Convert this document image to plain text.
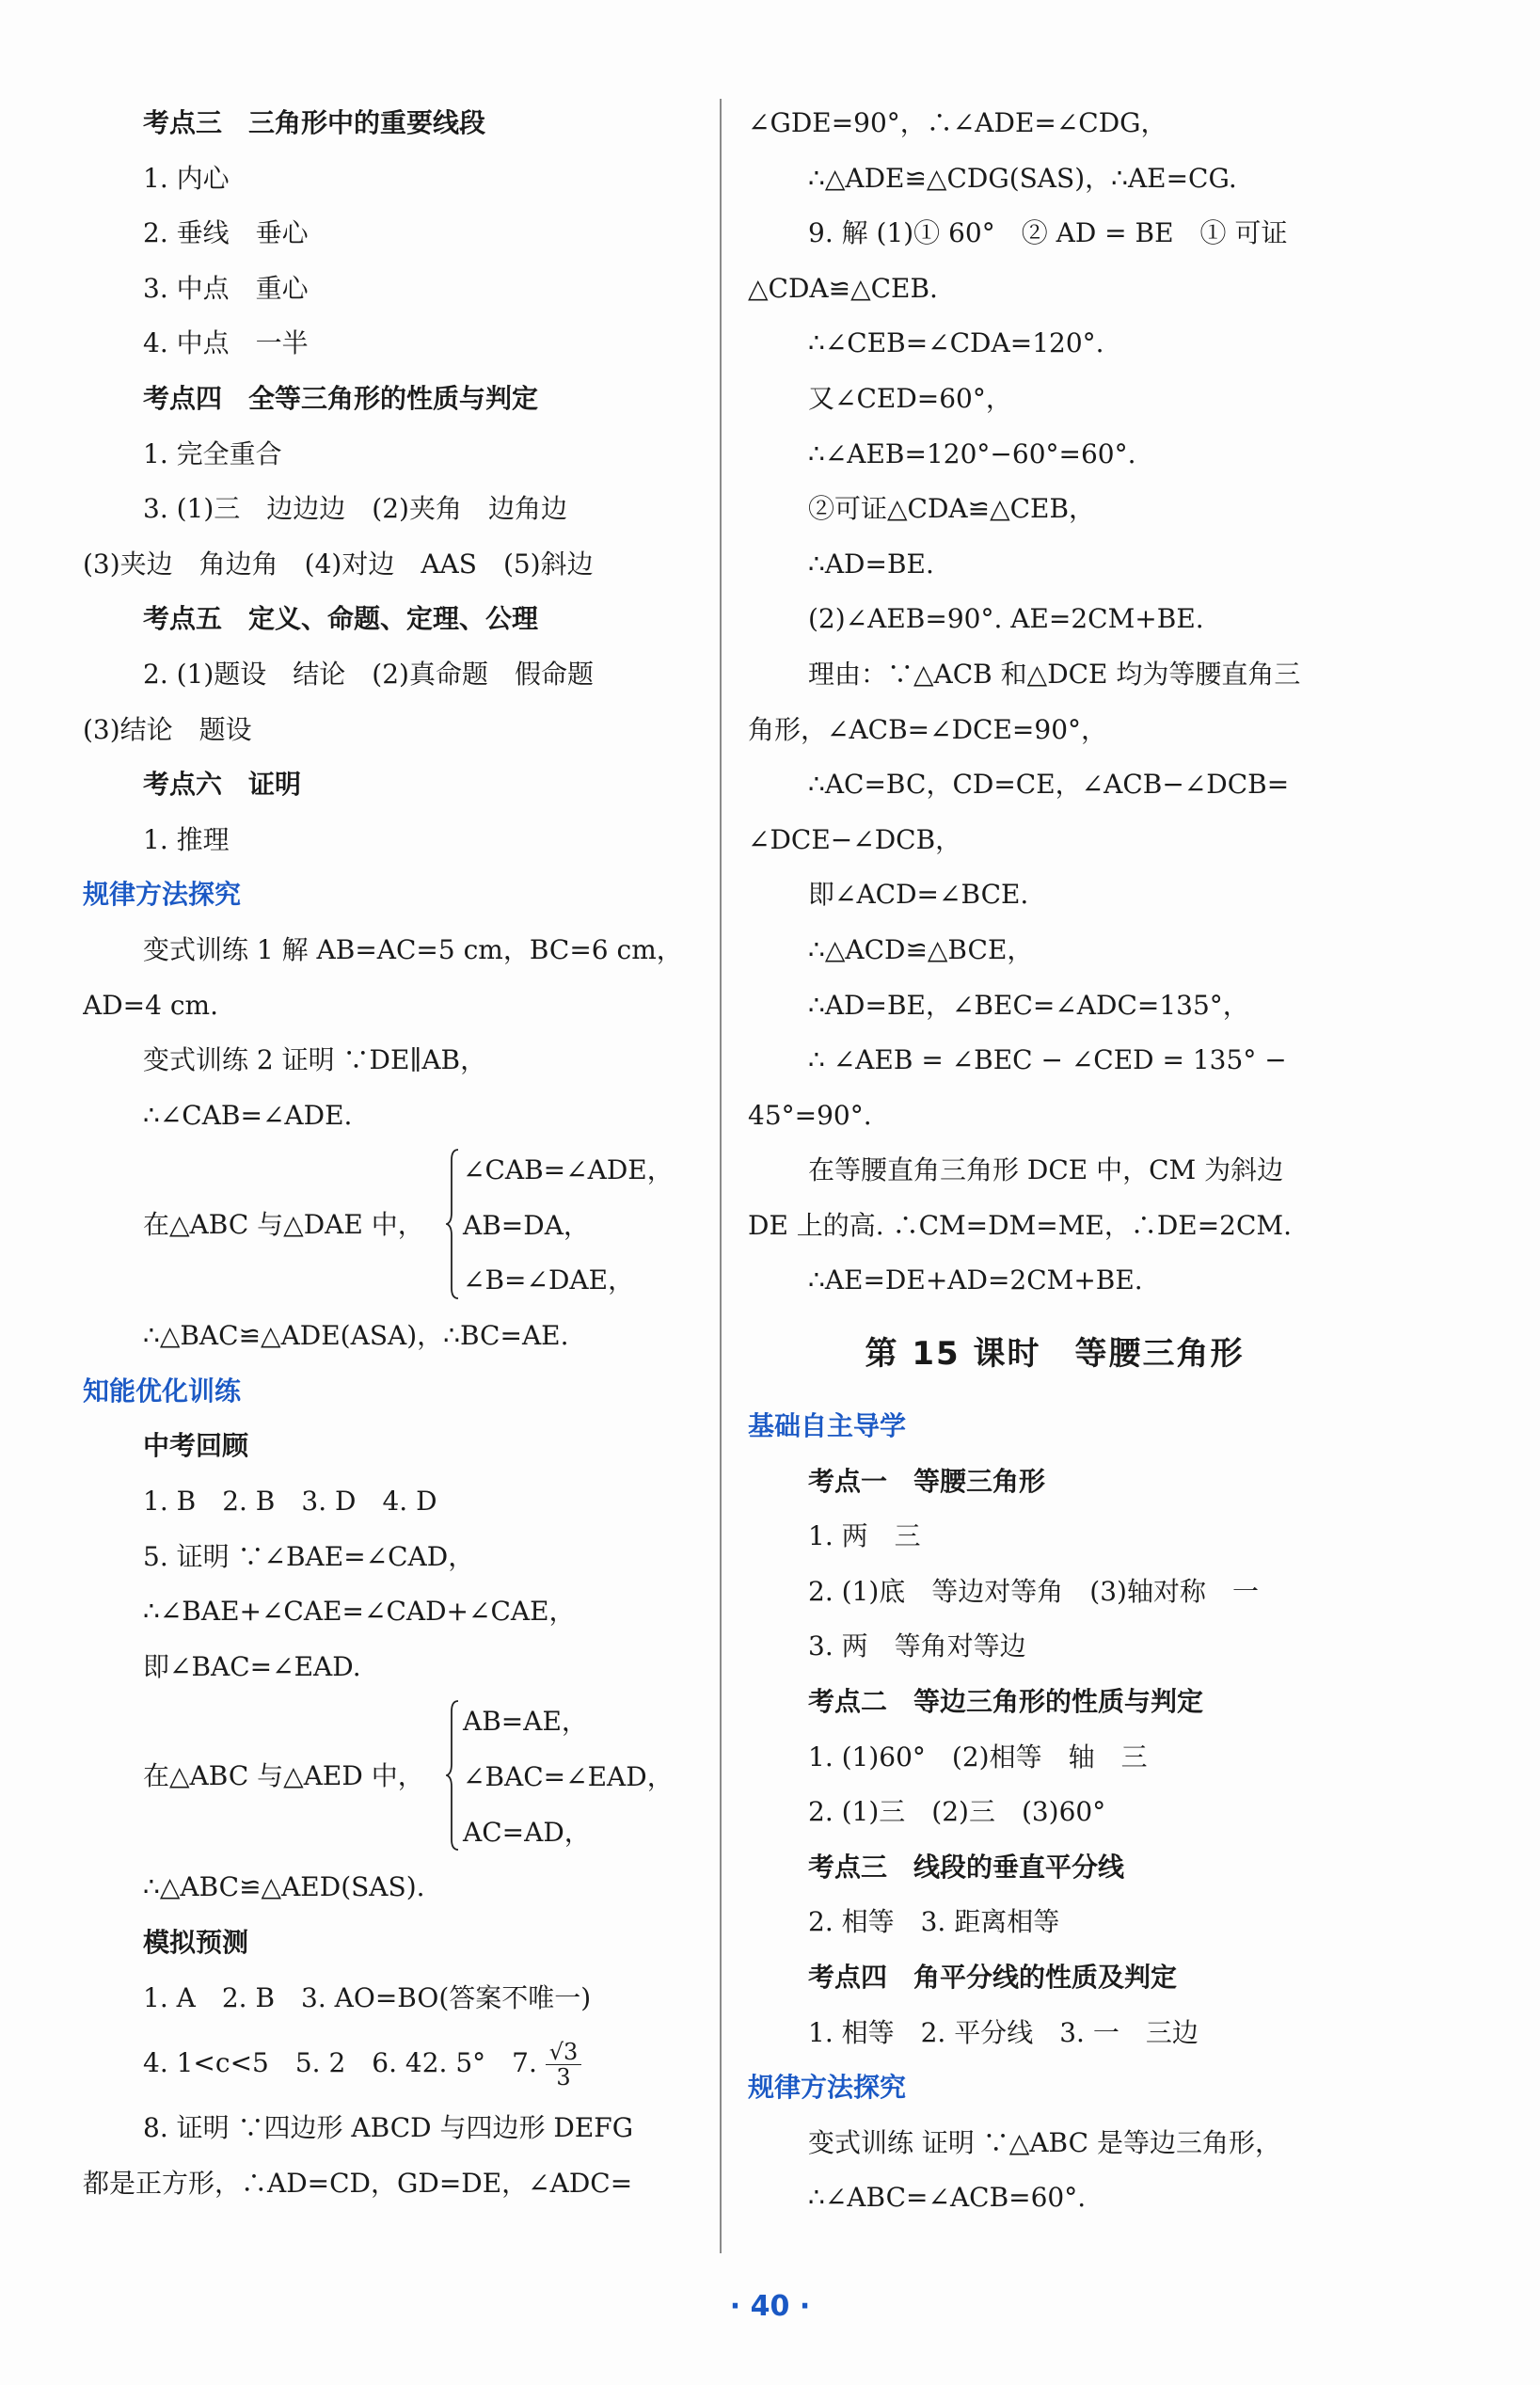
考点三　三角形中的重要线段
1. 内心
2. 垂线　垂心
3. 中点　重心
4. 中点　一半
考点四　全等三角形的性质与判定
1. 完全重合
3. (1)三　边边边　(2)夹角　边角边
(3)夹边　角边角　(4)对边　AAS　(5)斜边
考点五　定义、命题、定理、公理
2. (1)题设　结论　(2)真命题　假命题
(3)结论　题设
考点六　证明
1. 推理
规律方法探究
变式训练 1 解 AB=AC=5 cm，BC=6 cm，
AD=4 cm.
变式训练 2 证明 ∵DE∥AB，
∴∠CAB=∠ADE.
在△ABC 与△DAE 中，
∠CAB=∠ADE，
AB=DA，
∠B=∠DAE，
∴△BAC≌△ADE(ASA)，∴BC=AE.
知能优化训练
中考回顾
1. B　2. B　3. D　4. D
5. 证明 ∵∠BAE=∠CAD，
∴∠BAE+∠CAE=∠CAD+∠CAE，
即∠BAC=∠EAD.
在△ABC 与△AED 中，
AB=AE，
∠BAC=∠EAD，
AC=AD，
∴△ABC≌△AED(SAS).
模拟预测
1. A　2. B　3. AO=BO(答案不唯一)
4. 1<c<5　5. 2　6. 42. 5°　7. $\frac{√3}{3}$
8. 证明 ∵四边形 ABCD 与四边形 DEFG
都是正方形，∴AD=CD，GD=DE，∠ADC=
∠GDE=90°，∴∠ADE=∠CDG，
∴△ADE≌△CDG(SAS)，∴AE=CG.
9. 解 (1)① 60°　② AD = BE　① 可证
△CDA≌△CEB.
∴∠CEB=∠CDA=120°.
又∠CED=60°，
∴∠AEB=120°−60°=60°.
②可证△CDA≌△CEB，
∴AD=BE.
(2)∠AEB=90°. AE=2CM+BE.
理由：∵△ACB 和△DCE 均为等腰直角三
角形，∠ACB=∠DCE=90°，
∴AC=BC，CD=CE，∠ACB−∠DCB=
∠DCE−∠DCB，
即∠ACD=∠BCE.
∴△ACD≌△BCE，
∴AD=BE，∠BEC=∠ADC=135°，
∴ ∠AEB = ∠BEC − ∠CED = 135° −
45°=90°.
在等腰直角三角形 DCE 中，CM 为斜边
DE 上的高. ∴CM=DM=ME，∴DE=2CM.
∴AE=DE+AD=2CM+BE.
第 15 课时　等腰三角形
基础自主导学
考点一　等腰三角形
1. 两　三
2. (1)底　等边对等角　(3)轴对称　一
3. 两　等角对等边
考点二　等边三角形的性质与判定
1. (1)60°　(2)相等　轴　三
2. (1)三　(2)三　(3)60°
考点三　线段的垂直平分线
2. 相等　3. 距离相等
考点四　角平分线的性质及判定
1. 相等　2. 平分线　3. 一　三边
规律方法探究
变式训练 证明 ∵△ABC 是等边三角形，
∴∠ABC=∠ACB=60°.
· 40 ·
